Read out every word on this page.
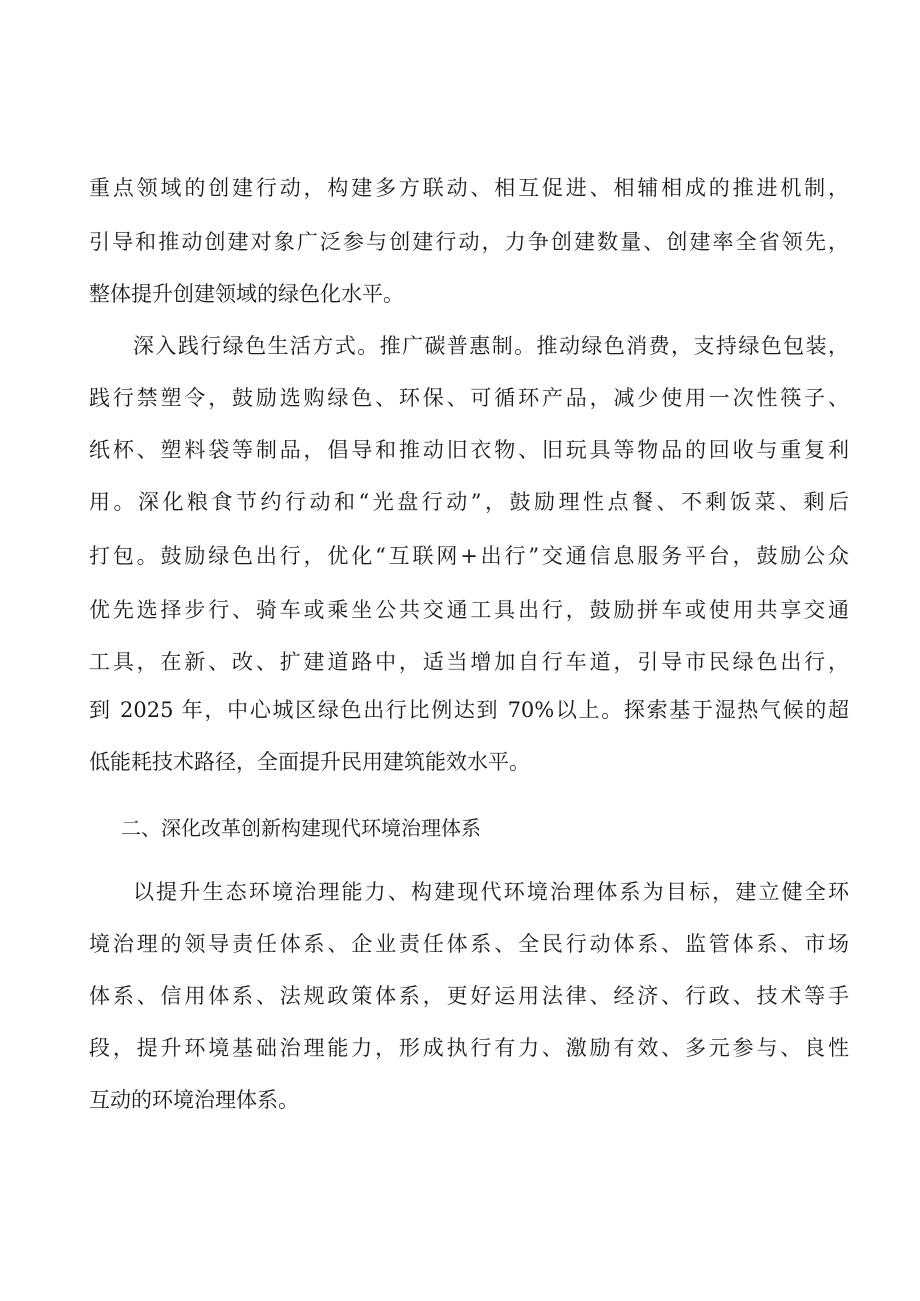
重点领域的创建行动，构建多方联动、相互促进、相辅相成的推进机制，
引导和推动创建对象广泛参与创建行动，力争创建数量、创建率全省领先，
整体提升创建领域的绿色化水平。
深入践行绿色生活方式。推广碳普惠制。推动绿色消费，支持绿色包装，
践行禁塑令，鼓励选购绿色、环保、可循环产品，减少使用一次性筷子、
纸杯、塑料袋等制品，倡导和推动旧衣物、旧玩具等物品的回收与重复利
用。深化粮食节约行动和“光盘行动”，鼓励理性点餐、不剩饭菜、剩后
打包。鼓励绿色出行，优化“互联网+出行”交通信息服务平台，鼓励公众
优先选择步行、骑车或乘坐公共交通工具出行，鼓励拼车或使用共享交通
工具，在新、改、扩建道路中，适当增加自行车道，引导市民绿色出行，
到 2025 年，中心城区绿色出行比例达到 70%以上。探索基于湿热气候的超
低能耗技术路径，全面提升民用建筑能效水平。
二、深化改革创新构建现代环境治理体系
以提升生态环境治理能力、构建现代环境治理体系为目标，建立健全环
境治理的领导责任体系、企业责任体系、全民行动体系、监管体系、市场
体系、信用体系、法规政策体系，更好运用法律、经济、行政、技术等手
段，提升环境基础治理能力，形成执行有力、激励有效、多元参与、良性
互动的环境治理体系。
